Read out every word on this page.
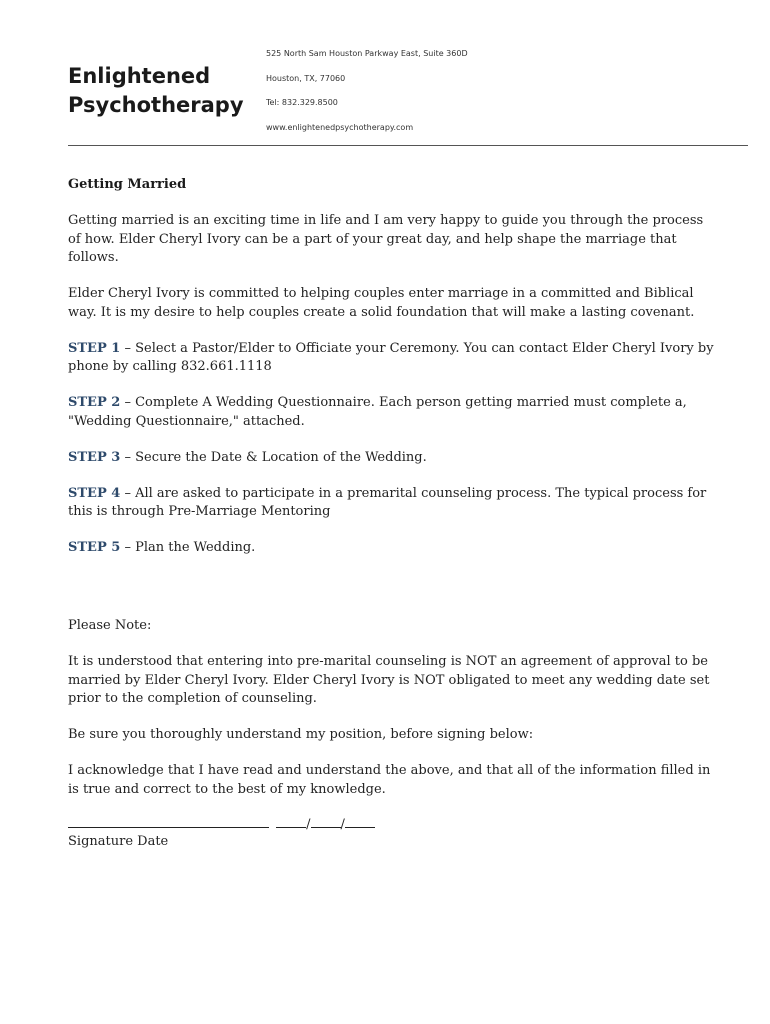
Enlightened
Psychotherapy
525 North Sam Houston Parkway East, Suite 360D
Houston, TX, 77060
Tel: 832.329.8500
www.enlightenedpsychotherapy.com

Getting Married

Getting married is an exciting time in life and I am very happy to guide you through the process of how. Elder Cheryl Ivory can be a part of your great day, and help shape the marriage that follows.

Elder Cheryl Ivory is committed to helping couples enter marriage in a committed and Biblical way. It is my desire to help couples create a solid foundation that will make a lasting covenant.

STEP 1 – Select a Pastor/Elder to Officiate your Ceremony. You can contact Elder Cheryl Ivory by phone by calling 832.661.1118

STEP 2 – Complete A Wedding Questionnaire. Each person getting married must complete a, "Wedding Questionnaire," attached.

STEP 3 – Secure the Date & Location of the Wedding.

STEP 4 – All are asked to participate in a premarital counseling process. The typical process for this is through Pre-Marriage Mentoring

STEP 5 – Plan the Wedding.

Please Note:

It is understood that entering into pre-marital counseling is NOT an agreement of approval to be married by Elder Cheryl Ivory. Elder Cheryl Ivory is NOT obligated to meet any wedding date set prior to the completion of counseling.

Be sure you thoroughly understand my position, before signing below:

I acknowledge that I have read and understand the above, and that all of the information filled in is true and correct to the best of my knowledge.

/ /
Signature Date
